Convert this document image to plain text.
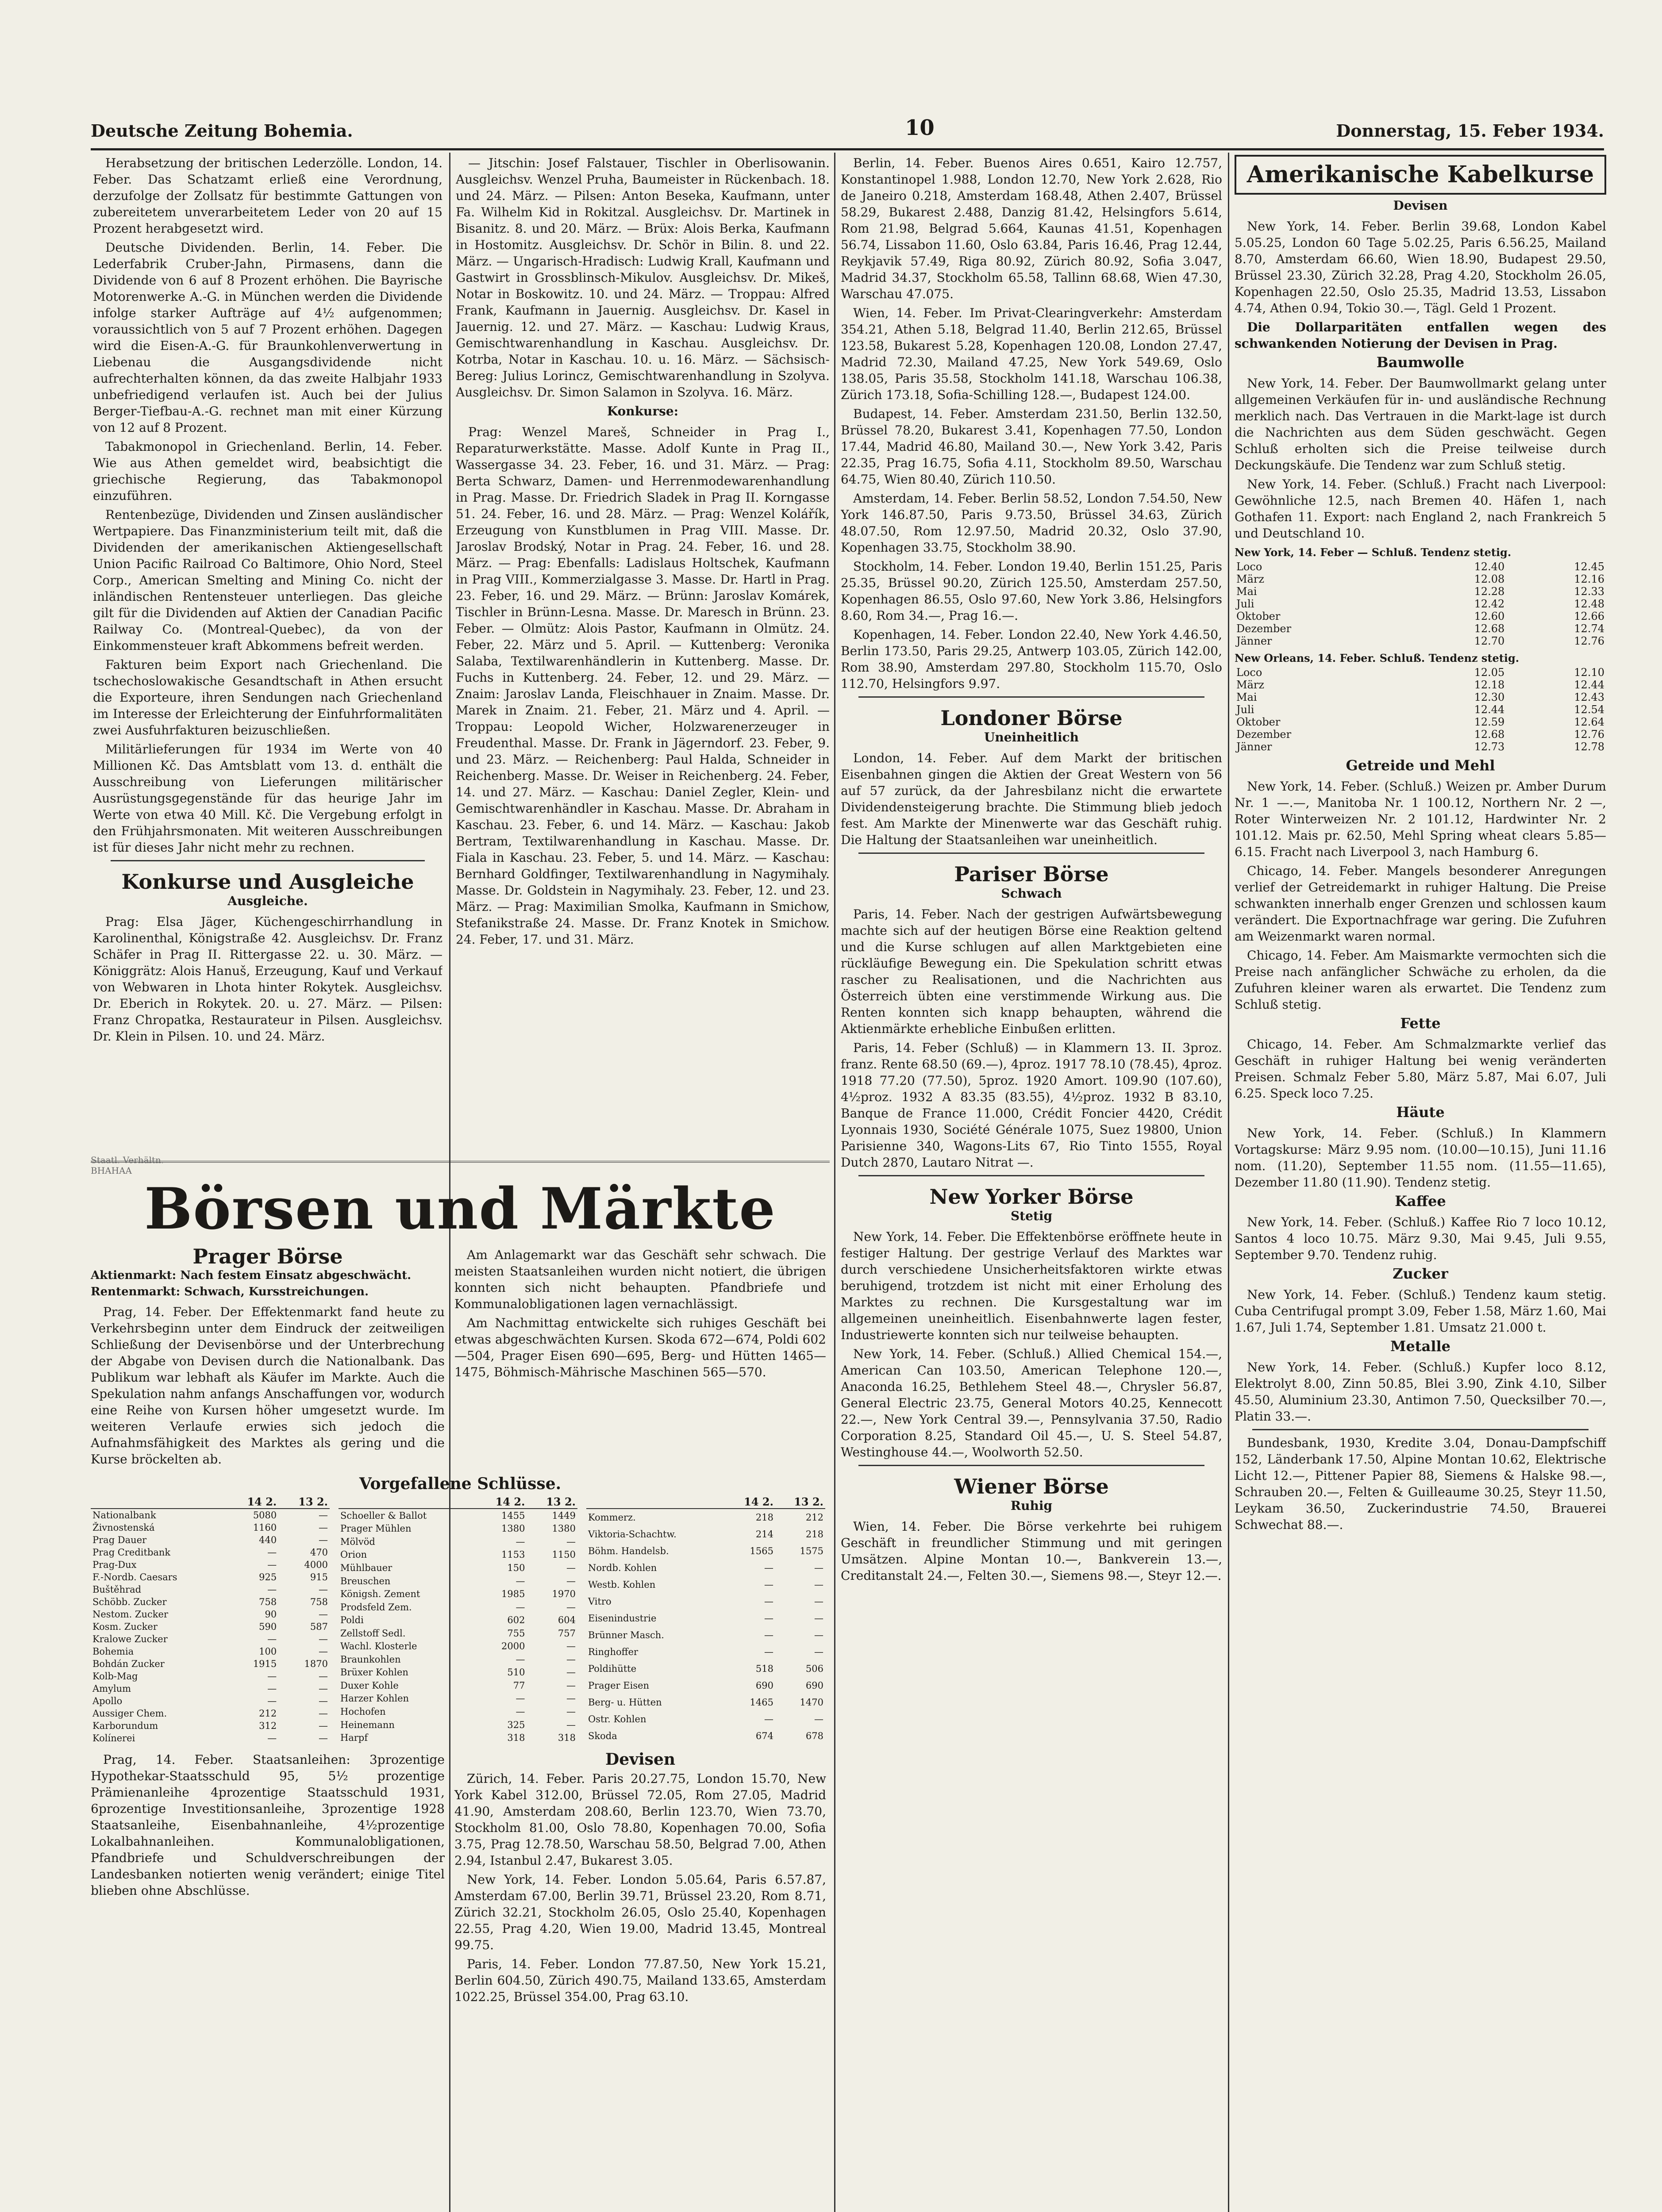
Deutsche Zeitung Bohemia.	10	Donnerstag, 15. Feber 1934.

Herabsetzung der britischen Lederzölle. London, 14. Feber. Das Schatzamt erließ eine Verordnung, derzufolge der Zollsatz für bestimmte Gattungen von zubereitetem unverarbeitetem Leder von 20 auf 15 Prozent herabgesetzt wird.

Deutsche Dividenden. Berlin, 14. Feber. Die Lederfabrik Cruber-Jahn, Pirmasens, dann die Dividende von 6 auf 8 Prozent erhöhen. Die Bayrische Motorenwerke A.-G. in München werden die Dividende infolge starker Aufträge auf 4½ aufgenommen; voraussichtlich von 5 auf 7 Prozent erhöhen. Dagegen wird die Eisen-A.-G. für Braunkohlenverwertung in Liebenau die Ausgangsdividende nicht aufrechterhalten können, da das zweite Halbjahr 1933 unbefriedigend verlaufen ist. Auch bei der Julius Berger-Tiefbau-A.-G. rechnet man mit einer Kürzung von 12 auf 8 Prozent.

Tabakmonopol in Griechenland. Berlin, 14. Feber. Wie aus Athen gemeldet wird, beabsichtigt die griechische Regierung, das Tabakmonopol einzuführen.

Rentenbezüge, Dividenden und Zinsen ausländischer Wertpapiere. Das Finanzministerium teilt mit, daß die Dividenden der amerikanischen Aktiengesellschaft Union Pacific Railroad Co Baltimore, Ohio Nord, Steel Corp., American Smelting and Mining Co. nicht der inländischen Rentensteuer unterliegen. Das gleiche gilt für die Dividenden auf Aktien der Canadian Pacific Railway Co. (Montreal-Quebec), da von der Einkommensteuer kraft Abkommens befreit werden.

Fakturen beim Export nach Griechenland. Die tschechoslowakische Gesandtschaft in Athen ersucht die Exporteure, ihren Sendungen nach Griechenland im Interesse der Erleichterung der Einfuhrformalitäten zwei Ausfuhrfakturen beizuschließen.

Militärlieferungen für 1934 im Werte von 40 Millionen Kč. Das Amtsblatt vom 13. d. enthält die Ausschreibung von Lieferungen militärischer Ausrüstungsgegenstände für das heurige Jahr im Werte von etwa 40 Mill. Kč. Die Vergebung erfolgt in den Frühjahrsmonaten. Mit weiteren Ausschreibungen ist für dieses Jahr nicht mehr zu rechnen.

Konkurse und Ausgleiche
Ausgleiche.

Prag: Elsa Jäger, Küchengeschirrhandlung in Karolinenthal, Königstraße 42. Ausgleichsv. Dr. Franz Schäfer in Prag II. Rittergasse 22. u. 30. März. — Königgrätz: Alois Hanuš, Erzeugung, Kauf und Verkauf von Webwaren in Lhota hinter Rokytek. Ausgleichsv. Dr. Eberich in Rokytek. 20. u. 27. März. — Pilsen: Franz Chropatka, Restaurateur in Pilsen. Ausgleichsv. Dr. Klein in Pilsen. 10. und 24. März.

— Jitschin: Josef Falstauer, Tischler in Oberlisowanin. Ausgleichsv. Wenzel Pruha, Baumeister in Rückenbach. 18. und 24. März. — Pilsen: Anton Beseka, Kaufmann, unter Fa. Wilhelm Kid in Rokitzal. Ausgleichsv. Dr. Martinek in Bisanitz. 8. und 20. März. — Brüx: Alois Berka, Kaufmann in Hostomitz. Ausgleichsv. Dr. Schör in Bilin. 8. und 22. März. — Ungarisch-Hradisch: Ludwig Krall, Kaufmann und Gastwirt in Grossblinsch-Mikulov. Ausgleichsv. Dr. Mikeš, Notar in Boskowitz. 10. und 24. März. — Troppau: Alfred Frank, Kaufmann in Jauernig. Ausgleichsv. Dr. Kasel in Jauernig. 12. und 27. März. — Kaschau: Ludwig Kraus, Gemischtwarenhandlung in Kaschau. Ausgleichsv. Dr. Kotrba, Notar in Kaschau. 10. u. 16. März. — Sächsisch-Bereg: Julius Lorincz, Gemischtwarenhandlung in Szolyva. Ausgleichsv. Dr. Simon Salamon in Szolyva. 16. März.

Konkurse:

Prag: Wenzel Mareš, Schneider in Prag I., Reparaturwerkstätte. Masse. Adolf Kunte in Prag II., Wassergasse 34. 23. Feber, 16. und 31. März. — Prag: Berta Schwarz, Damen- und Herrenmodewarenhandlung in Prag. Masse. Dr. Friedrich Sladek in Prag II. Korngasse 51. 24. Feber, 16. und 28. März. — Prag: Wenzel Kolářík, Erzeugung von Kunstblumen in Prag VIII. Masse. Dr. Jaroslav Brodský, Notar in Prag. 24. Feber, 16. und 28. März. — Prag: Ebenfalls: Ladislaus Holtschek, Kaufmann in Prag VIII., Kommerzialgasse 3. Masse. Dr. Hartl in Prag. 23. Feber, 16. und 29. März. — Brünn: Jaroslav Komárek, Tischler in Brünn-Lesna. Masse. Dr. Maresch in Brünn. 23. Feber. — Olmütz: Alois Pastor, Kaufmann in Olmütz. 24. Feber, 22. März und 5. April. — Kuttenberg: Veronika Salaba, Textilwarenhändlerin in Kuttenberg. Masse. Dr. Fuchs in Kuttenberg. 24. Feber, 12. und 29. März. — Znaim: Jaroslav Landa, Fleischhauer in Znaim. Masse. Dr. Marek in Znaim. 21. Feber, 21. März und 4. April. — Troppau: Leopold Wicher, Holzwarenerzeuger in Freudenthal. Masse. Dr. Frank in Jägerndorf. 23. Feber, 9. und 23. März. — Reichenberg: Paul Halda, Schneider in Reichenberg. Masse. Dr. Weiser in Reichenberg. 24. Feber, 14. und 27. März. — Kaschau: Daniel Zegler, Klein- und Gemischtwarenhändler in Kaschau. Masse. Dr. Abraham in Kaschau. 23. Feber, 6. und 14. März. — Kaschau: Jakob Bertram, Textilwarenhandlung in Kaschau. Masse. Dr. Fiala in Kaschau. 23. Feber, 5. und 14. März. — Kaschau: Bernhard Goldfinger, Textilwarenhandlung in Nagymihaly. Masse. Dr. Goldstein in Nagymihaly. 23. Feber, 12. und 23. März. — Prag: Maximilian Smolka, Kaufmann in Smichow, Stefanikstraße 24. Masse. Dr. Franz Knotek in Smichow. 24. Feber, 17. und 31. März.

Börsen und Märkte
Staatl. Verhältn.
BHAHAA
Prager Börse
Aktienmarkt: Nach festem Einsatz abgeschwächt.
Rentenmarkt: Schwach, Kursstreichungen.

Prag, 14. Feber. Der Effektenmarkt fand heute zu Verkehrsbeginn unter dem Eindruck der zeitweiligen Schließung der Devisenbörse und der Unterbrechung der Abgabe von Devisen durch die Nationalbank. Das Publikum war lebhaft als Käufer im Markte. Auch die Spekulation nahm anfangs Anschaffungen vor, wodurch eine Reihe von Kursen höher umgesetzt wurde. Im weiteren Verlaufe erwies sich jedoch die Aufnahmsfähigkeit des Marktes als gering und die Kurse bröckelten ab.

Am Anlagemarkt war das Geschäft sehr schwach. Die meisten Staatsanleihen wurden nicht notiert, die übrigen konnten sich nicht behaupten. Pfandbriefe und Kommunalobligationen lagen vernachlässigt.

Am Nachmittag entwickelte sich ruhiges Geschäft bei etwas abgeschwächten Kursen. Skoda 672—674, Poldi 602—504, Prager Eisen 690—695, Berg- und Hütten 1465—1475, Böhmisch-Mährische Maschinen 565—570.

Vorgefallene Schlüsse.
	14 2.	13 2.
Nationalbank	5080	—
Živnostenská	1160	—
Prag Dauer	440	—
Prag Creditbank	—	470
Prag-Dux	—	4000
F.-Nordb. Caesars	925	915
Buštěhrad	—	—
Schöbb. Zucker	758	758
Nestom. Zucker	90	—
Kosm. Zucker	590	587
Kralowe Zucker	—	—
Bohemia	100	—
Bohdán Zucker	1915	1870
Kolb-Mag	—	—
Amylum	—	—
Apollo	—	—
Aussiger Chem.	212	—
Karborundum	312	—
Kolínerei	—	—
	14 2.	13 2.
Schoeller & Ballot	1455	1449
Prager Mühlen	1380	1380
Mölvöd	—	—
Orion	1153	1150
Mühlbauer	150	—
Breuschen	—	—
Königsh. Zement	1985	1970
Prodsfeld Zem.	—	—
Poldi	602	604
Zellstoff Sedl.	755	757
Wachl. Klosterle	2000	—
Braunkohlen	—	—
Brüxer Kohlen	510	—
Duxer Kohle	77	—
Harzer Kohlen	—	—
Hochofen	—	—
Heinemann	325	—
Harpf	318	318
	14 2.	13 2.
Kommerz.	218	212
Viktoria-Schachtw.	214	218
Böhm. Handelsb.	1565	1575
Nordb. Kohlen	—	—
Westb. Kohlen	—	—
Vitro	—	—
Eisenindustrie	—	—
Brünner Masch.	—	—
Ringhoffer	—	—
Poldihütte	518	506
Prager Eisen	690	690
Berg- u. Hütten	1465	1470
Ostr. Kohlen	—	—
Skoda	674	678

Prag, 14. Feber. Staatsanleihen: 3prozentige Hypothekar-Staatsschuld 95, 5½ prozentige Prämienanleihe 4prozentige Staatsschuld 1931, 6prozentige Investitionsanleihe, 3prozentige 1928 Staatsanleihe, Eisenbahnanleihe, 4½prozentige Lokalbahnanleihen. Kommunalobligationen, Pfandbriefe und Schuldverschreibungen der Landesbanken notierten wenig verändert; einige Titel blieben ohne Abschlüsse.

Devisen

Zürich, 14. Feber. Paris 20.27.75, London 15.70, New York Kabel 312.00, Brüssel 72.05, Rom 27.05, Madrid 41.90, Amsterdam 208.60, Berlin 123.70, Wien 73.70, Stockholm 81.00, Oslo 78.80, Kopenhagen 70.00, Sofia 3.75, Prag 12.78.50, Warschau 58.50, Belgrad 7.00, Athen 2.94, Istanbul 2.47, Bukarest 3.05.

New York, 14. Feber. London 5.05.64, Paris 6.57.87, Amsterdam 67.00, Berlin 39.71, Brüssel 23.20, Rom 8.71, Zürich 32.21, Stockholm 26.05, Oslo 25.40, Kopenhagen 22.55, Prag 4.20, Wien 19.00, Madrid 13.45, Montreal 99.75.

Paris, 14. Feber. London 77.87.50, New York 15.21, Berlin 604.50, Zürich 490.75, Mailand 133.65, Amsterdam 1022.25, Brüssel 354.00, Prag 63.10.

Berlin, 14. Feber. Buenos Aires 0.651, Kairo 12.757, Konstantinopel 1.988, London 12.70, New York 2.628, Rio de Janeiro 0.218, Amsterdam 168.48, Athen 2.407, Brüssel 58.29, Bukarest 2.488, Danzig 81.42, Helsingfors 5.614, Rom 21.98, Belgrad 5.664, Kaunas 41.51, Kopenhagen 56.74, Lissabon 11.60, Oslo 63.84, Paris 16.46, Prag 12.44, Reykjavik 57.49, Riga 80.92, Zürich 80.92, Sofia 3.047, Madrid 34.37, Stockholm 65.58, Tallinn 68.68, Wien 47.30, Warschau 47.075.

Wien, 14. Feber. Im Privat-Clearingverkehr: Amsterdam 354.21, Athen 5.18, Belgrad 11.40, Berlin 212.65, Brüssel 123.58, Bukarest 5.28, Kopenhagen 120.08, London 27.47, Madrid 72.30, Mailand 47.25, New York 549.69, Oslo 138.05, Paris 35.58, Stockholm 141.18, Warschau 106.38, Zürich 173.18, Sofia-Schilling 128.—, Budapest 124.00.

Budapest, 14. Feber. Amsterdam 231.50, Berlin 132.50, Brüssel 78.20, Bukarest 3.41, Kopenhagen 77.50, London 17.44, Madrid 46.80, Mailand 30.—, New York 3.42, Paris 22.35, Prag 16.75, Sofia 4.11, Stockholm 89.50, Warschau 64.75, Wien 80.40, Zürich 110.50.

Amsterdam, 14. Feber. Berlin 58.52, London 7.54.50, New York 146.87.50, Paris 9.73.50, Brüssel 34.63, Zürich 48.07.50, Rom 12.97.50, Madrid 20.32, Oslo 37.90, Kopenhagen 33.75, Stockholm 38.90.

Stockholm, 14. Feber. London 19.40, Berlin 151.25, Paris 25.35, Brüssel 90.20, Zürich 125.50, Amsterdam 257.50, Kopenhagen 86.55, Oslo 97.60, New York 3.86, Helsingfors 8.60, Rom 34.—, Prag 16.—.

Kopenhagen, 14. Feber. London 22.40, New York 4.46.50, Berlin 173.50, Paris 29.25, Antwerp 103.05, Zürich 142.00, Rom 38.90, Amsterdam 297.80, Stockholm 115.70, Oslo 112.70, Helsingfors 9.97.

Londoner Börse
Uneinheitlich

London, 14. Feber. Auf dem Markt der britischen Eisenbahnen gingen die Aktien der Great Western von 56 auf 57 zurück, da der Jahresbilanz nicht die erwartete Dividendensteigerung brachte. Die Stimmung blieb jedoch fest. Am Markte der Minenwerte war das Geschäft ruhig. Die Haltung der Staatsanleihen war uneinheitlich.

Pariser Börse
Schwach

Paris, 14. Feber. Nach der gestrigen Aufwärtsbewegung machte sich auf der heutigen Börse eine Reaktion geltend und die Kurse schlugen auf allen Marktgebieten eine rückläufige Bewegung ein. Die Spekulation schritt etwas rascher zu Realisationen, und die Nachrichten aus Österreich übten eine verstimmende Wirkung aus. Die Renten konnten sich knapp behaupten, während die Aktienmärkte erhebliche Einbußen erlitten.

Paris, 14. Feber (Schluß) — in Klammern 13. II. 3proz. franz. Rente 68.50 (69.—), 4proz. 1917 78.10 (78.45), 4proz. 1918 77.20 (77.50), 5proz. 1920 Amort. 109.90 (107.60), 4½proz. 1932 A 83.35 (83.55), 4½proz. 1932 B 83.10, Banque de France 11.000, Crédit Foncier 4420, Crédit Lyonnais 1930, Société Générale 1075, Suez 19800, Union Parisienne 340, Wagons-Lits 67, Rio Tinto 1555, Royal Dutch 2870, Lautaro Nitrat —.

New Yorker Börse
Stetig

New York, 14. Feber. Die Effektenbörse eröffnete heute in festiger Haltung. Der gestrige Verlauf des Marktes war durch verschiedene Unsicherheitsfaktoren wirkte etwas beruhigend, trotzdem ist nicht mit einer Erholung des Marktes zu rechnen. Die Kursgestaltung war im allgemeinen uneinheitlich. Eisenbahnwerte lagen fester, Industriewerte konnten sich nur teilweise behaupten.

New York, 14. Feber. (Schluß.) Allied Chemical 154.—, American Can 103.50, American Telephone 120.—, Anaconda 16.25, Bethlehem Steel 48.—, Chrysler 56.87, General Electric 23.75, General Motors 40.25, Kennecott 22.—, New York Central 39.—, Pennsylvania 37.50, Radio Corporation 8.25, Standard Oil 45.—, U. S. Steel 54.87, Westinghouse 44.—, Woolworth 52.50.

Wiener Börse
Ruhig

Wien, 14. Feber. Die Börse verkehrte bei ruhigem Geschäft in freundlicher Stimmung und mit geringen Umsätzen. Alpine Montan 10.—, Bankverein 13.—, Creditanstalt 24.—, Felten 30.—, Siemens 98.—, Steyr 12.—.

Amerikanische Kabelkurse
Devisen

New York, 14. Feber. Berlin 39.68, London Kabel 5.05.25, London 60 Tage 5.02.25, Paris 6.56.25, Mailand 8.70, Amsterdam 66.60, Wien 18.90, Budapest 29.50, Brüssel 23.30, Zürich 32.28, Prag 4.20, Stockholm 26.05, Kopenhagen 22.50, Oslo 25.35, Madrid 13.53, Lissabon 4.74, Athen 0.94, Tokio 30.—, Tägl. Geld 1 Prozent.

Die Dollarparitäten entfallen wegen des schwankenden Notierung der Devisen in Prag.

Baumwolle

New York, 14. Feber. Der Baumwollmarkt gelang unter allgemeinen Verkäufen für in- und ausländische Rechnung merklich nach. Das Vertrauen in die Markt-lage ist durch die Nachrichten aus dem Süden geschwächt. Gegen Schluß erholten sich die Preise teilweise durch Deckungskäufe. Die Tendenz war zum Schluß stetig.

New York, 14. Feber. (Schluß.) Fracht nach Liverpool: Gewöhnliche 12.5, nach Bremen 40. Häfen 1, nach Gothafen 11. Export: nach England 2, nach Frankreich 5 und Deutschland 10.

New York, 14. Feber — Schluß. Tendenz stetig.
Loco	12.40	12.45
März	12.08	12.16
Mai	12.28	12.33
Juli	12.42	12.48
Oktober	12.60	12.66
Dezember	12.68	12.74
Jänner	12.70	12.76
New Orleans, 14. Feber. Schluß. Tendenz stetig.
Loco	12.05	12.10
März	12.18	12.44
Mai	12.30	12.43
Juli	12.44	12.54
Oktober	12.59	12.64
Dezember	12.68	12.76
Jänner	12.73	12.78
Getreide und Mehl

New York, 14. Feber. (Schluß.) Weizen pr. Amber Durum Nr. 1 —.—, Manitoba Nr. 1 100.12, Northern Nr. 2 —, Roter Winterweizen Nr. 2 101.12, Hardwinter Nr. 2 101.12. Mais pr. 62.50, Mehl Spring wheat clears 5.85—6.15. Fracht nach Liverpool 3, nach Hamburg 6.

Chicago, 14. Feber. Mangels besonderer Anregungen verlief der Getreidemarkt in ruhiger Haltung. Die Preise schwankten innerhalb enger Grenzen und schlossen kaum verändert. Die Exportnachfrage war gering. Die Zufuhren am Weizenmarkt waren normal.

Chicago, 14. Feber. Am Maismarkte vermochten sich die Preise nach anfänglicher Schwäche zu erholen, da die Zufuhren kleiner waren als erwartet. Die Tendenz zum Schluß stetig.

Fette

Chicago, 14. Feber. Am Schmalzmarkte verlief das Geschäft in ruhiger Haltung bei wenig veränderten Preisen. Schmalz Feber 5.80, März 5.87, Mai 6.07, Juli 6.25. Speck loco 7.25.

Häute

New York, 14. Feber. (Schluß.) In Klammern Vortagskurse: März 9.95 nom. (10.00—10.15), Juni 11.16 nom. (11.20), September 11.55 nom. (11.55—11.65), Dezember 11.80 (11.90). Tendenz stetig.

Kaffee

New York, 14. Feber. (Schluß.) Kaffee Rio 7 loco 10.12, Santos 4 loco 10.75. März 9.30, Mai 9.45, Juli 9.55, September 9.70. Tendenz ruhig.

Zucker

New York, 14. Feber. (Schluß.) Tendenz kaum stetig. Cuba Centrifugal prompt 3.09, Feber 1.58, März 1.60, Mai 1.67, Juli 1.74, September 1.81. Umsatz 21.000 t.

Metalle

New York, 14. Feber. (Schluß.) Kupfer loco 8.12, Elektrolyt 8.00, Zinn 50.85, Blei 3.90, Zink 4.10, Silber 45.50, Aluminium 23.30, Antimon 7.50, Quecksilber 70.—, Platin 33.—.

Bundesbank, 1930, Kredite 3.04, Donau-Dampfschiff 152, Länderbank 17.50, Alpine Montan 10.62, Elektrische Licht 12.—, Pittener Papier 88, Siemens & Halske 98.—, Schrauben 20.—, Felten & Guilleaume 30.25, Steyr 11.50, Leykam 36.50, Zuckerindustrie 74.50, Brauerei Schwechat 88.—.
